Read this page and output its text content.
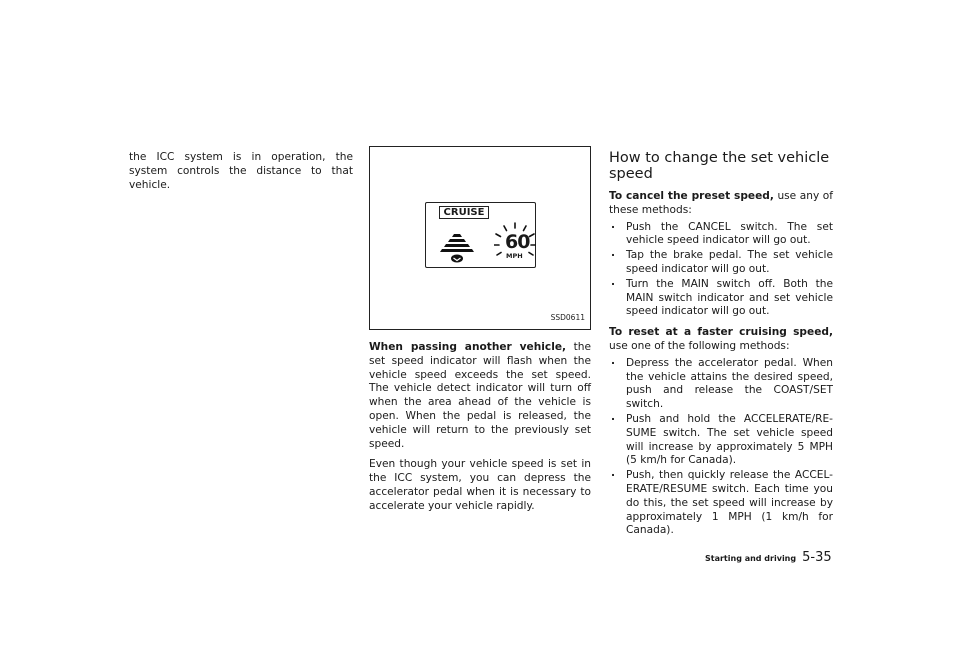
the ICC system is in operation, the system controls the distance to that vehicle.

CRUISE
60
MPH
SSD0611

When passing another vehicle, the set speed indicator will flash when the vehicle speed exceeds the set speed. The vehicle detect indicator will turn off when the area ahead of the vehicle is open. When the pedal is released, the vehicle will return to the previously set speed.

Even though your vehicle speed is set in the ICC system, you can depress the accelerator pedal when it is necessary to accelerate your vehicle rapidly.

How to change the set vehicle speed

To cancel the preset speed, use any of these methods:

. Push the CANCEL switch. The set vehicle speed indicator will go out.
. Tap the brake pedal. The set vehicle speed indicator will go out.
. Turn the MAIN switch off. Both the MAIN switch indicator and set vehicle speed indicator will go out.

To reset at a faster cruising speed, use one of the following methods:

. Depress the accelerator pedal. When the vehicle attains the desired speed, push and release the COAST/SET switch.
. Push and hold the ACCELERATE/RE-SUME switch. The set vehicle speed will increase by approximately 5 MPH (5 km/h for Canada).
. Push, then quickly release the ACCEL-ERATE/RESUME switch. Each time you do this, the set speed will increase by approximately 1 MPH (1 km/h for Canada).
Starting and driving 5-35
